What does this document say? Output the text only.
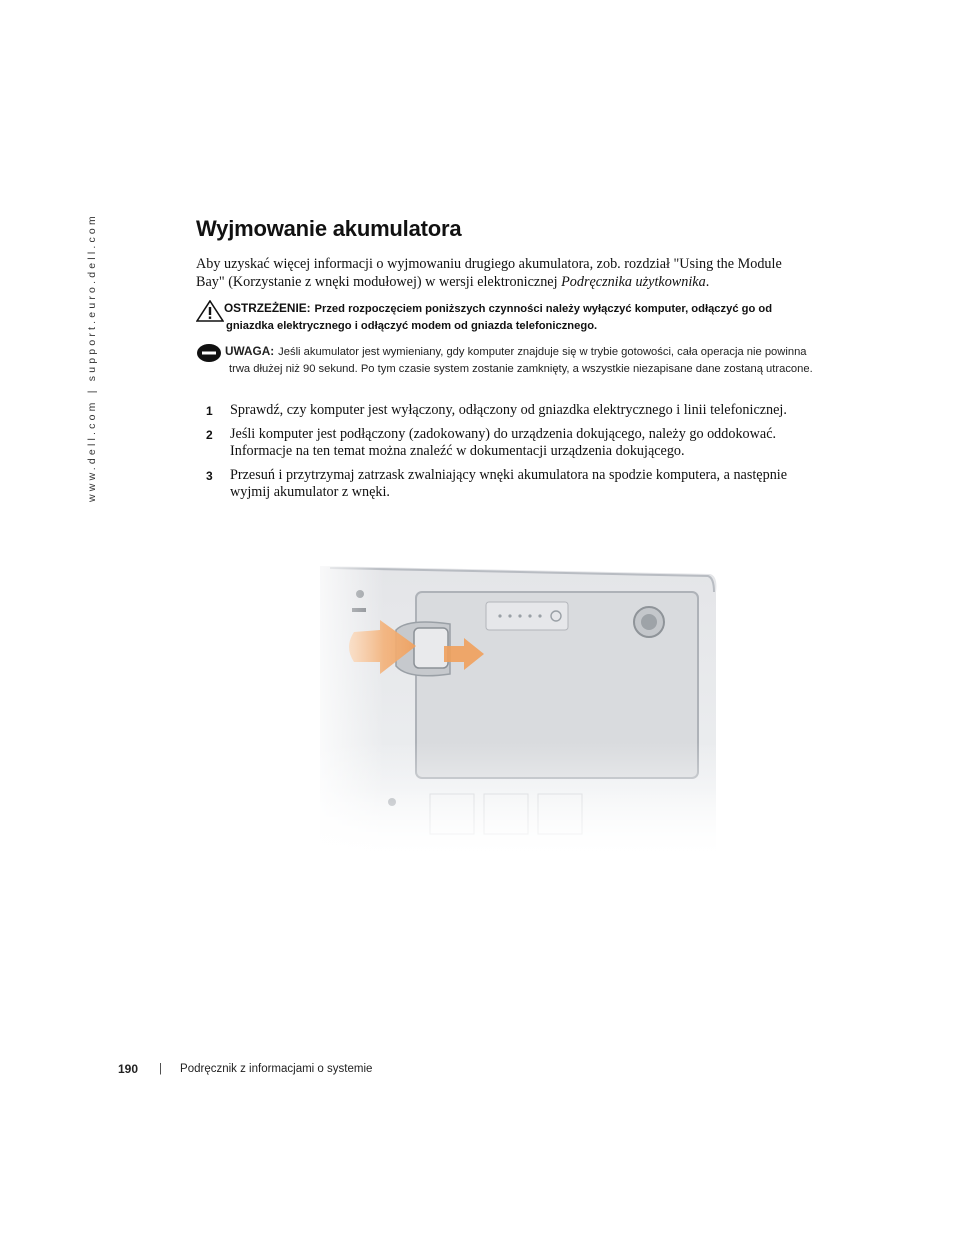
www.dell.com | support.euro.dell.com	Wyjmowanie akumulatora

Aby uzyskać więcej informacji o wyjmowaniu drugiego akumulatora, zob. rozdział "Using the Module Bay" (Korzystanie z wnęki modułowej) w wersji elektronicznej Podręcznika użytkownika.

OSTRZEŻENIE: Przed rozpoczęciem poniższych czynności należy wyłączyć komputer, odłączyć go od gniazdka elektrycznego i odłączyć modem od gniazda telefonicznego.
UWAGA: Jeśli akumulator jest wymieniany, gdy komputer znajduje się w trybie gotowości, cała operacja nie powinna trwa dłużej niż 90 sekund. Po tym czasie system zostanie zamknięty, a wszystkie niezapisane dane zostaną utracone.
1 Sprawdź, czy komputer jest wyłączony, odłączony od gniazdka elektrycznego i linii telefonicznej.
2 Jeśli komputer jest podłączony (zadokowany) do urządzenia dokującego, należy go oddokować. Informacje na ten temat można znaleźć w dokumentacji urządzenia dokującego.
3 Przesuń i przytrzymaj zatrzask zwalniający wnęki akumulatora na spodzie komputera, a następnie wyjmij akumulator z wnęki.
190 | Podręcznik z informacjami o systemie
